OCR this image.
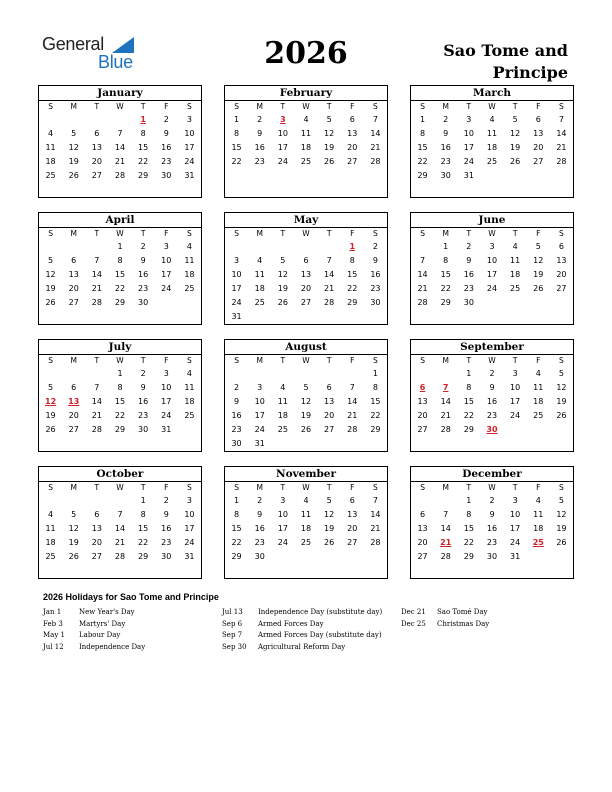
General
Blue	2026	Sao Tome and
Principe
January
S	M	T	W	T	F	S
				1	2	3
4	5	6	7	8	9	10
11	12	13	14	15	16	17
18	19	20	21	22	23	24
25	26	27	28	29	30	31
February
S	M	T	W	T	F	S
1	2	3	4	5	6	7
8	9	10	11	12	13	14
15	16	17	18	19	20	21
22	23	24	25	26	27	28
March
S	M	T	W	T	F	S
1	2	3	4	5	6	7
8	9	10	11	12	13	14
15	16	17	18	19	20	21
22	23	24	25	26	27	28
29	30	31				
April
S	M	T	W	T	F	S
			1	2	3	4
5	6	7	8	9	10	11
12	13	14	15	16	17	18
19	20	21	22	23	24	25
26	27	28	29	30		
May
S	M	T	W	T	F	S
					1	2
3	4	5	6	7	8	9
10	11	12	13	14	15	16
17	18	19	20	21	22	23
24	25	26	27	28	29	30
31						
June
S	M	T	W	T	F	S
	1	2	3	4	5	6
7	8	9	10	11	12	13
14	15	16	17	18	19	20
21	22	23	24	25	26	27
28	29	30				
July
S	M	T	W	T	F	S
			1	2	3	4
5	6	7	8	9	10	11
12	13	14	15	16	17	18
19	20	21	22	23	24	25
26	27	28	29	30	31	
August
S	M	T	W	T	F	S
						1
2	3	4	5	6	7	8
9	10	11	12	13	14	15
16	17	18	19	20	21	22
23	24	25	26	27	28	29
30	31					
September
S	M	T	W	T	F	S
		1	2	3	4	5
6	7	8	9	10	11	12
13	14	15	16	17	18	19
20	21	22	23	24	25	26
27	28	29	30			
October
S	M	T	W	T	F	S
				1	2	3
4	5	6	7	8	9	10
11	12	13	14	15	16	17
18	19	20	21	22	23	24
25	26	27	28	29	30	31
November
S	M	T	W	T	F	S
1	2	3	4	5	6	7
8	9	10	11	12	13	14
15	16	17	18	19	20	21
22	23	24	25	26	27	28
29	30					
December
S	M	T	W	T	F	S
		1	2	3	4	5
6	7	8	9	10	11	12
13	14	15	16	17	18	19
20	21	22	23	24	25	26
27	28	29	30	31		
2026 Holidays for Sao Tome and Principe
Jan 1	New Year's Day
Feb 3 Martyrs' Day
May 1 Labour Day
Jul 12 Independence Day
Jul 13 Independence Day (substitute day)
Sep 6 Armed Forces Day
Sep 7 Armed Forces Day (substitute day)
Sep 30 Agricultural Reform Day
Dec 21 Sao Tomé Day
Dec 25 Christmas Day
